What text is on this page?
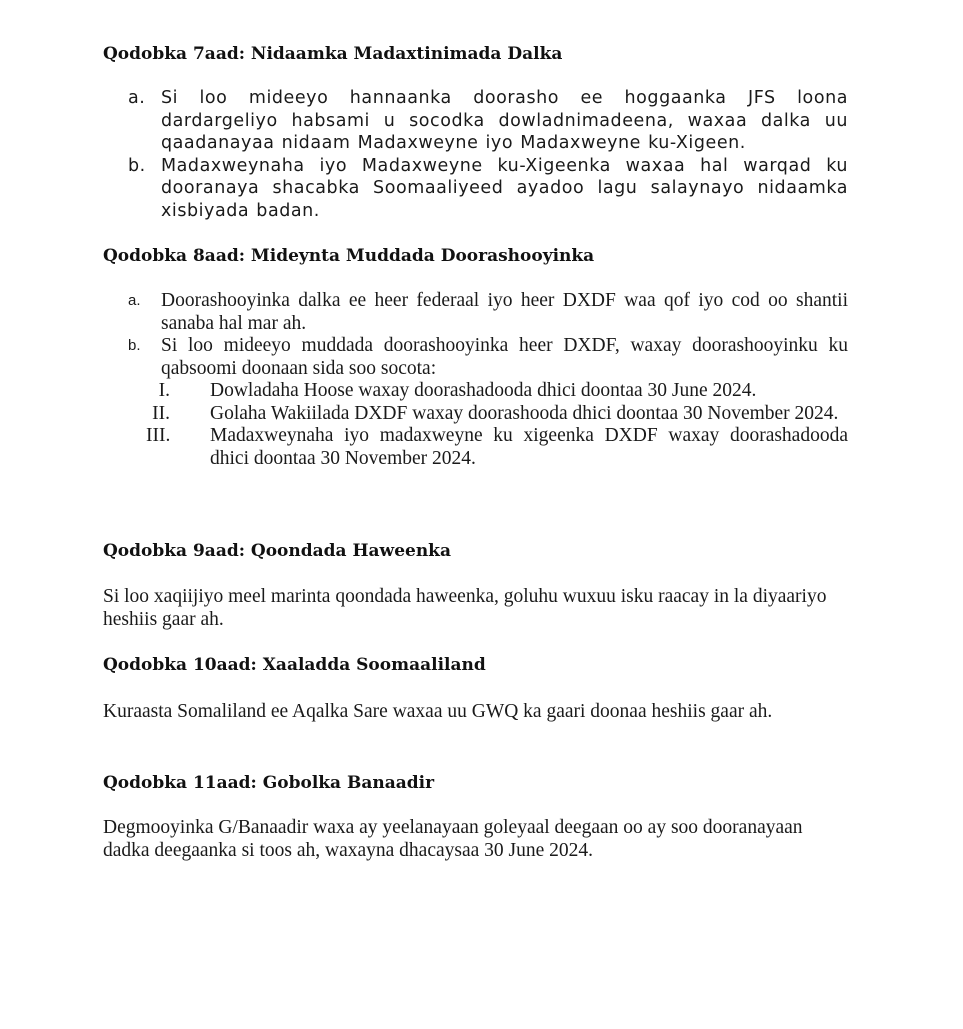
Qodobka 7aad: Nidaamka Madaxtinimada Dalka
a. Si loo mideeyo hannaanka doorasho ee hoggaanka JFS loona dardargeliyo habsami u socodka dowladnimadeena, waxaa dalka uu qaadanayaa nidaam Madaxweyne iyo Madaxweyne ku-Xigeen.
b. Madaxweynaha iyo Madaxweyne ku-Xigeenka waxaa hal warqad ku dooranaya shacabka Soomaaliyeed ayadoo lagu salaynayo nidaamka xisbiyada badan.
Qodobka 8aad: Mideynta Muddada Doorashooyinka
a. Doorashooyinka dalka ee heer federaal iyo heer DXDF waa qof iyo cod oo shantii sanaba hal mar ah.
b. Si loo mideeyo muddada doorashooyinka heer DXDF, waxay doorashooyinku ku qabsoomi doonaan sida soo socota:
I. Dowladaha Hoose waxay doorashadooda dhici doontaa 30 June 2024.
II. Golaha Wakiilada DXDF waxay doorashooda dhici doontaa 30 November 2024.
III. Madaxweynaha iyo madaxweyne ku xigeenka DXDF waxay doorashadooda dhici doontaa 30 November 2024.
Qodobka 9aad: Qoondada Haweenka

Si loo xaqiijiyo meel marinta qoondada haweenka, goluhu wuxuu isku raacay in la diyaariyo heshiis gaar ah.

Qodobka 10aad: Xaaladda Soomaaliland

Kuraasta Somaliland ee Aqalka Sare waxaa uu GWQ ka gaari doonaa heshiis gaar ah.

Qodobka 11aad: Gobolka Banaadir

Degmooyinka G/Banaadir waxa ay yeelanayaan goleyaal deegaan oo ay soo dooranayaan dadka deegaanka si toos ah, waxayna dhacaysaa 30 June 2024.
